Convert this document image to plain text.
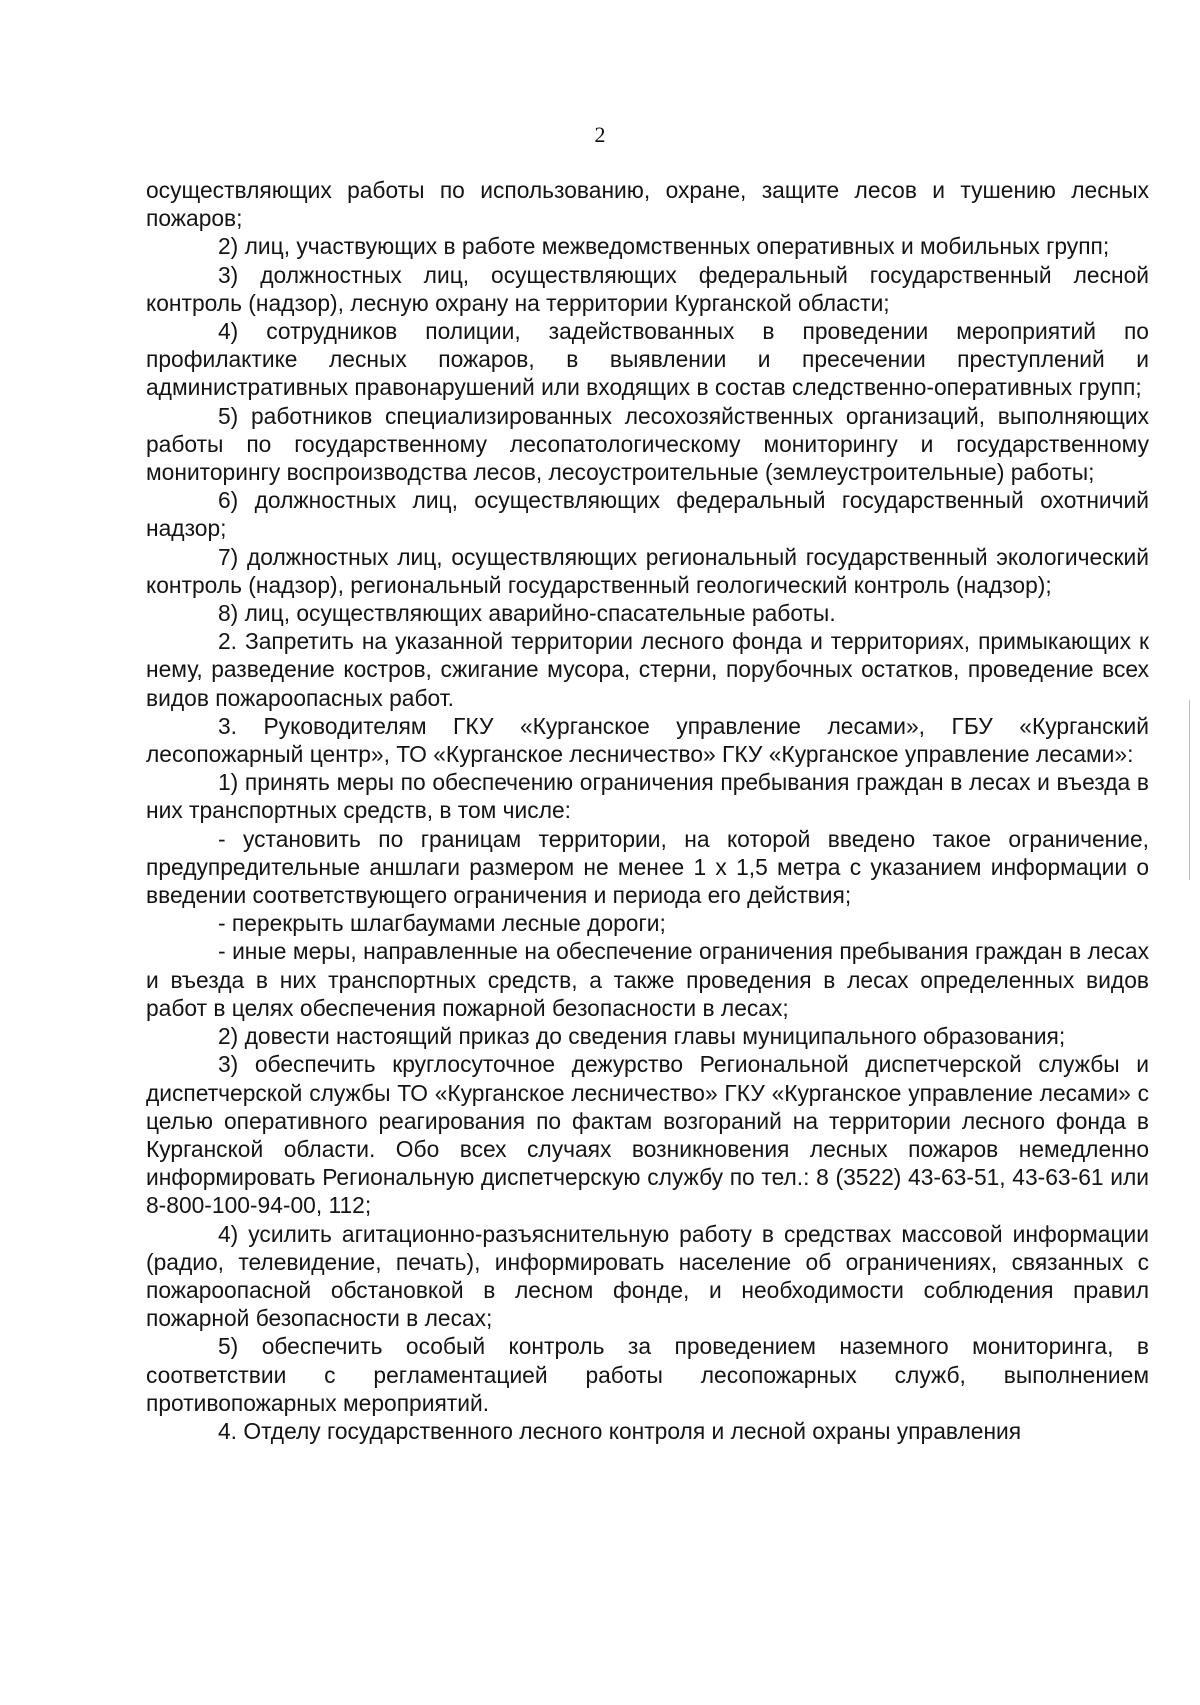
2

осуществляющих работы по использованию, охране, защите лесов и тушению лесных пожаров;

2) лиц, участвующих в работе межведомственных оперативных и мобильных групп;

3) должностных лиц, осуществляющих федеральный государственный лесной контроль (надзор), лесную охрану на территории Курганской области;

4) сотрудников полиции, задействованных в проведении мероприятий по профилактике лесных пожаров, в выявлении и пресечении преступлений и административных правонарушений или входящих в состав следственно-оперативных групп;

5) работников специализированных лесохозяйственных организаций, выполняющих работы по государственному лесопатологическому мониторингу и государственному мониторингу воспроизводства лесов, лесоустроительные (землеустроительные) работы;

6) должностных лиц, осуществляющих федеральный государственный охотничий надзор;

7) должностных лиц, осуществляющих региональный государственный экологический контроль (надзор), региональный государственный геологический контроль (надзор);

8) лиц, осуществляющих аварийно-спасательные работы.

2. Запретить на указанной территории лесного фонда и территориях, примыкающих к нему, разведение костров, сжигание мусора, стерни, порубочных остатков, проведение всех видов пожароопасных работ.

3. Руководителям ГКУ «Курганское управление лесами», ГБУ «Курганский лесопожарный центр», ТО «Курганское лесничество» ГКУ «Курганское управление лесами»:

1) принять меры по обеспечению ограничения пребывания граждан в лесах и въезда в них транспортных средств, в том числе:

- установить по границам территории, на которой введено такое ограничение, предупредительные аншлаги размером не менее 1 х 1,5 метра с указанием информации о введении соответствующего ограничения и периода его действия;

- перекрыть шлагбаумами лесные дороги;

- иные меры, направленные на обеспечение ограничения пребывания граждан в лесах и въезда в них транспортных средств, а также проведения в лесах определенных видов работ в целях обеспечения пожарной безопасности в лесах;

2) довести настоящий приказ до сведения главы муниципального образования;

3) обеспечить круглосуточное дежурство Региональной диспетчерской службы и диспетчерской службы ТО «Курганское лесничество» ГКУ «Курганское управление лесами» с целью оперативного реагирования по фактам возгораний на территории лесного фонда в Курганской области. Обо всех случаях возникновения лесных пожаров немедленно информировать Региональную диспетчерскую службу по тел.: 8 (3522) 43-63-51, 43-63-61 или 8-800-100-94-00, 112;

4) усилить агитационно-разъяснительную работу в средствах массовой информации (радио, телевидение, печать), информировать население об ограничениях, связанных с пожароопасной обстановкой в лесном фонде, и необходимости соблюдения правил пожарной безопасности в лесах;

5) обеспечить особый контроль за проведением наземного мониторинга, в соответствии с регламентацией работы лесопожарных служб, выполнением противопожарных мероприятий.

4. Отделу государственного лесного контроля и лесной охраны управления
